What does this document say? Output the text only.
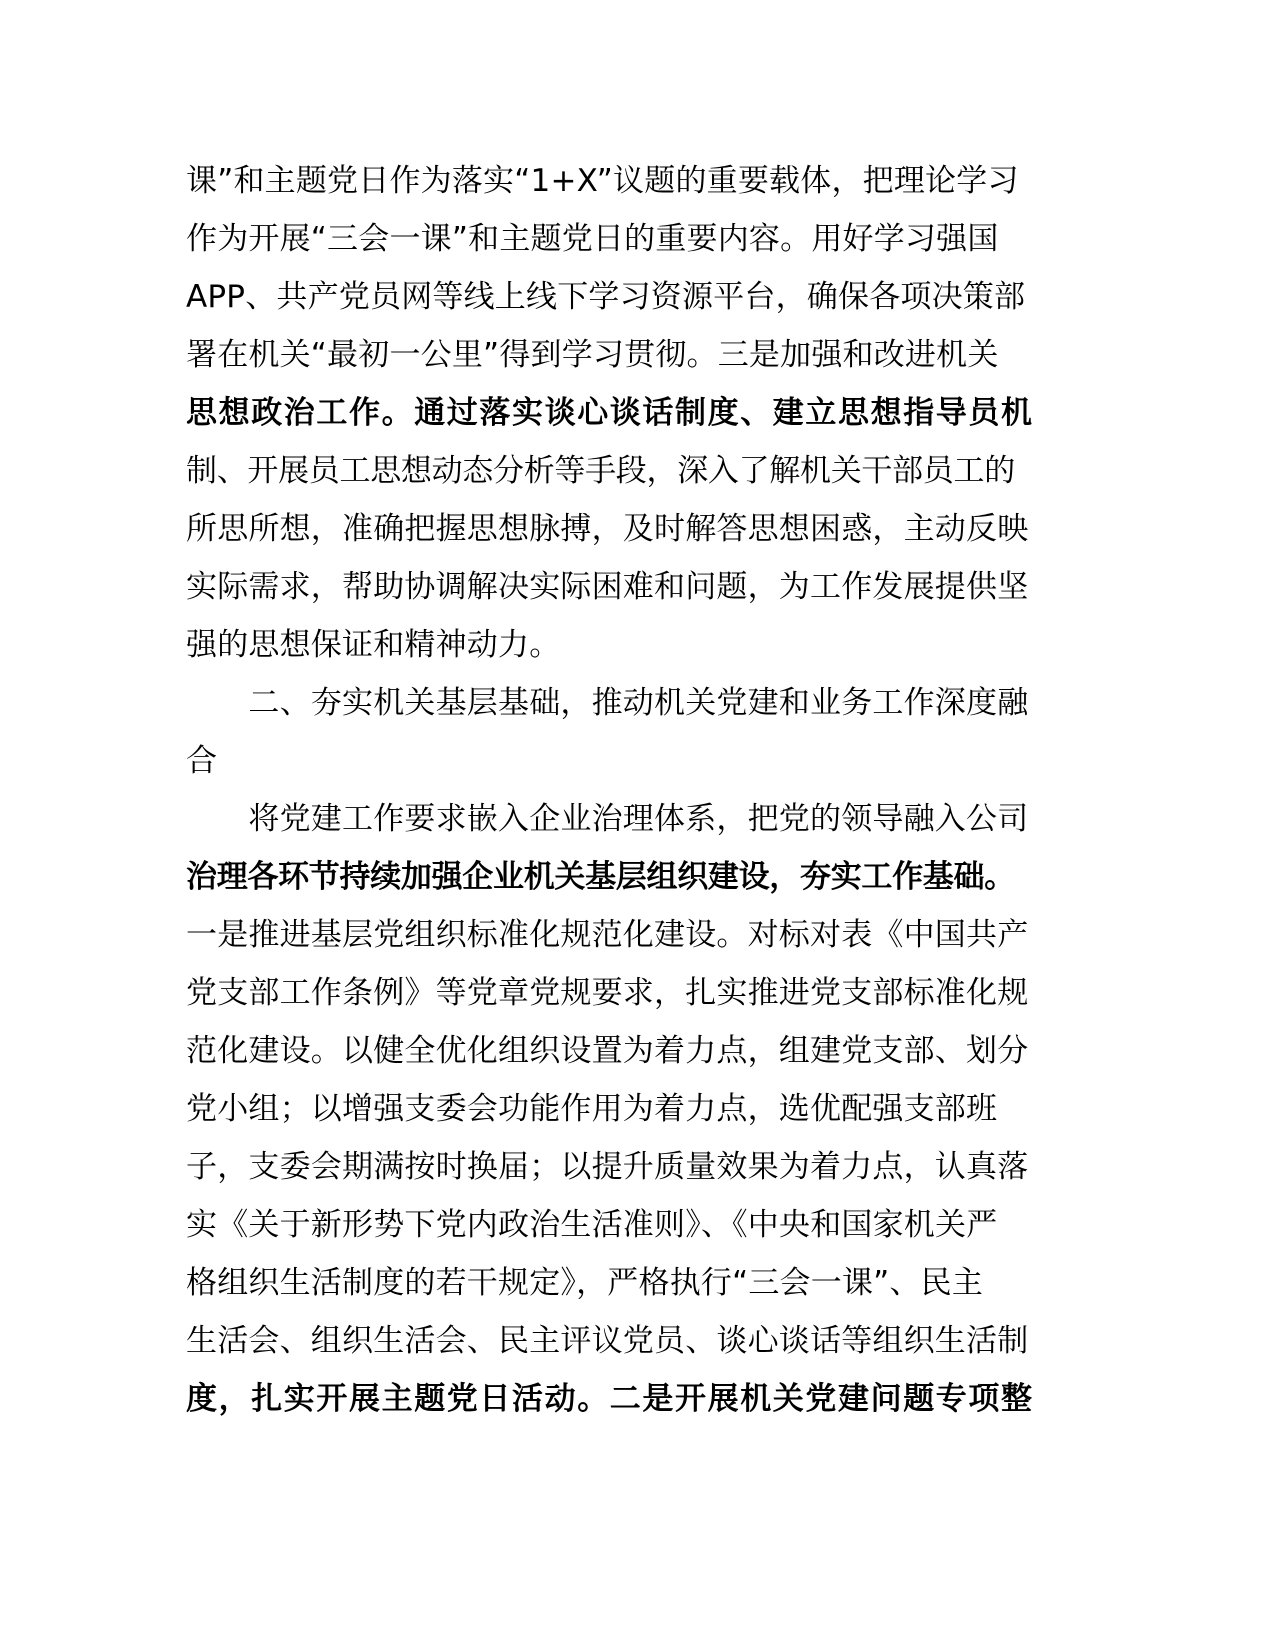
课”和主题党日作为落实“1+X”议题的重要载体，把理论学习
作为开展“三会一课”和主题党日的重要内容。用好学习强国
APP、共产党员网等线上线下学习资源平台，确保各项决策部
署在机关“最初一公里”得到学习贯彻。三是加强和改进机关
思想政治工作。通过落实谈心谈话制度、建立思想指导员机
制、开展员工思想动态分析等手段，深入了解机关干部员工的
所思所想，准确把握思想脉搏，及时解答思想困惑，主动反映
实际需求，帮助协调解决实际困难和问题，为工作发展提供坚
强的思想保证和精神动力。
　　二、夯实机关基层基础，推动机关党建和业务工作深度融
合
　　将党建工作要求嵌入企业治理体系，把党的领导融入公司
治理各环节持续加强企业机关基层组织建设，夯实工作基础。
一是推进基层党组织标准化规范化建设。对标对表《中国共产
党支部工作条例》等党章党规要求，扎实推进党支部标准化规
范化建设。以健全优化组织设置为着力点，组建党支部、划分
党小组；以增强支委会功能作用为着力点，选优配强支部班
子，支委会期满按时换届；以提升质量效果为着力点，认真落
实《关于新形势下党内政治生活准则》、《中央和国家机关严
格组织生活制度的若干规定》，严格执行“三会一课”、民主
生活会、组织生活会、民主评议党员、谈心谈话等组织生活制
度，扎实开展主题党日活动。二是开展机关党建问题专项整
